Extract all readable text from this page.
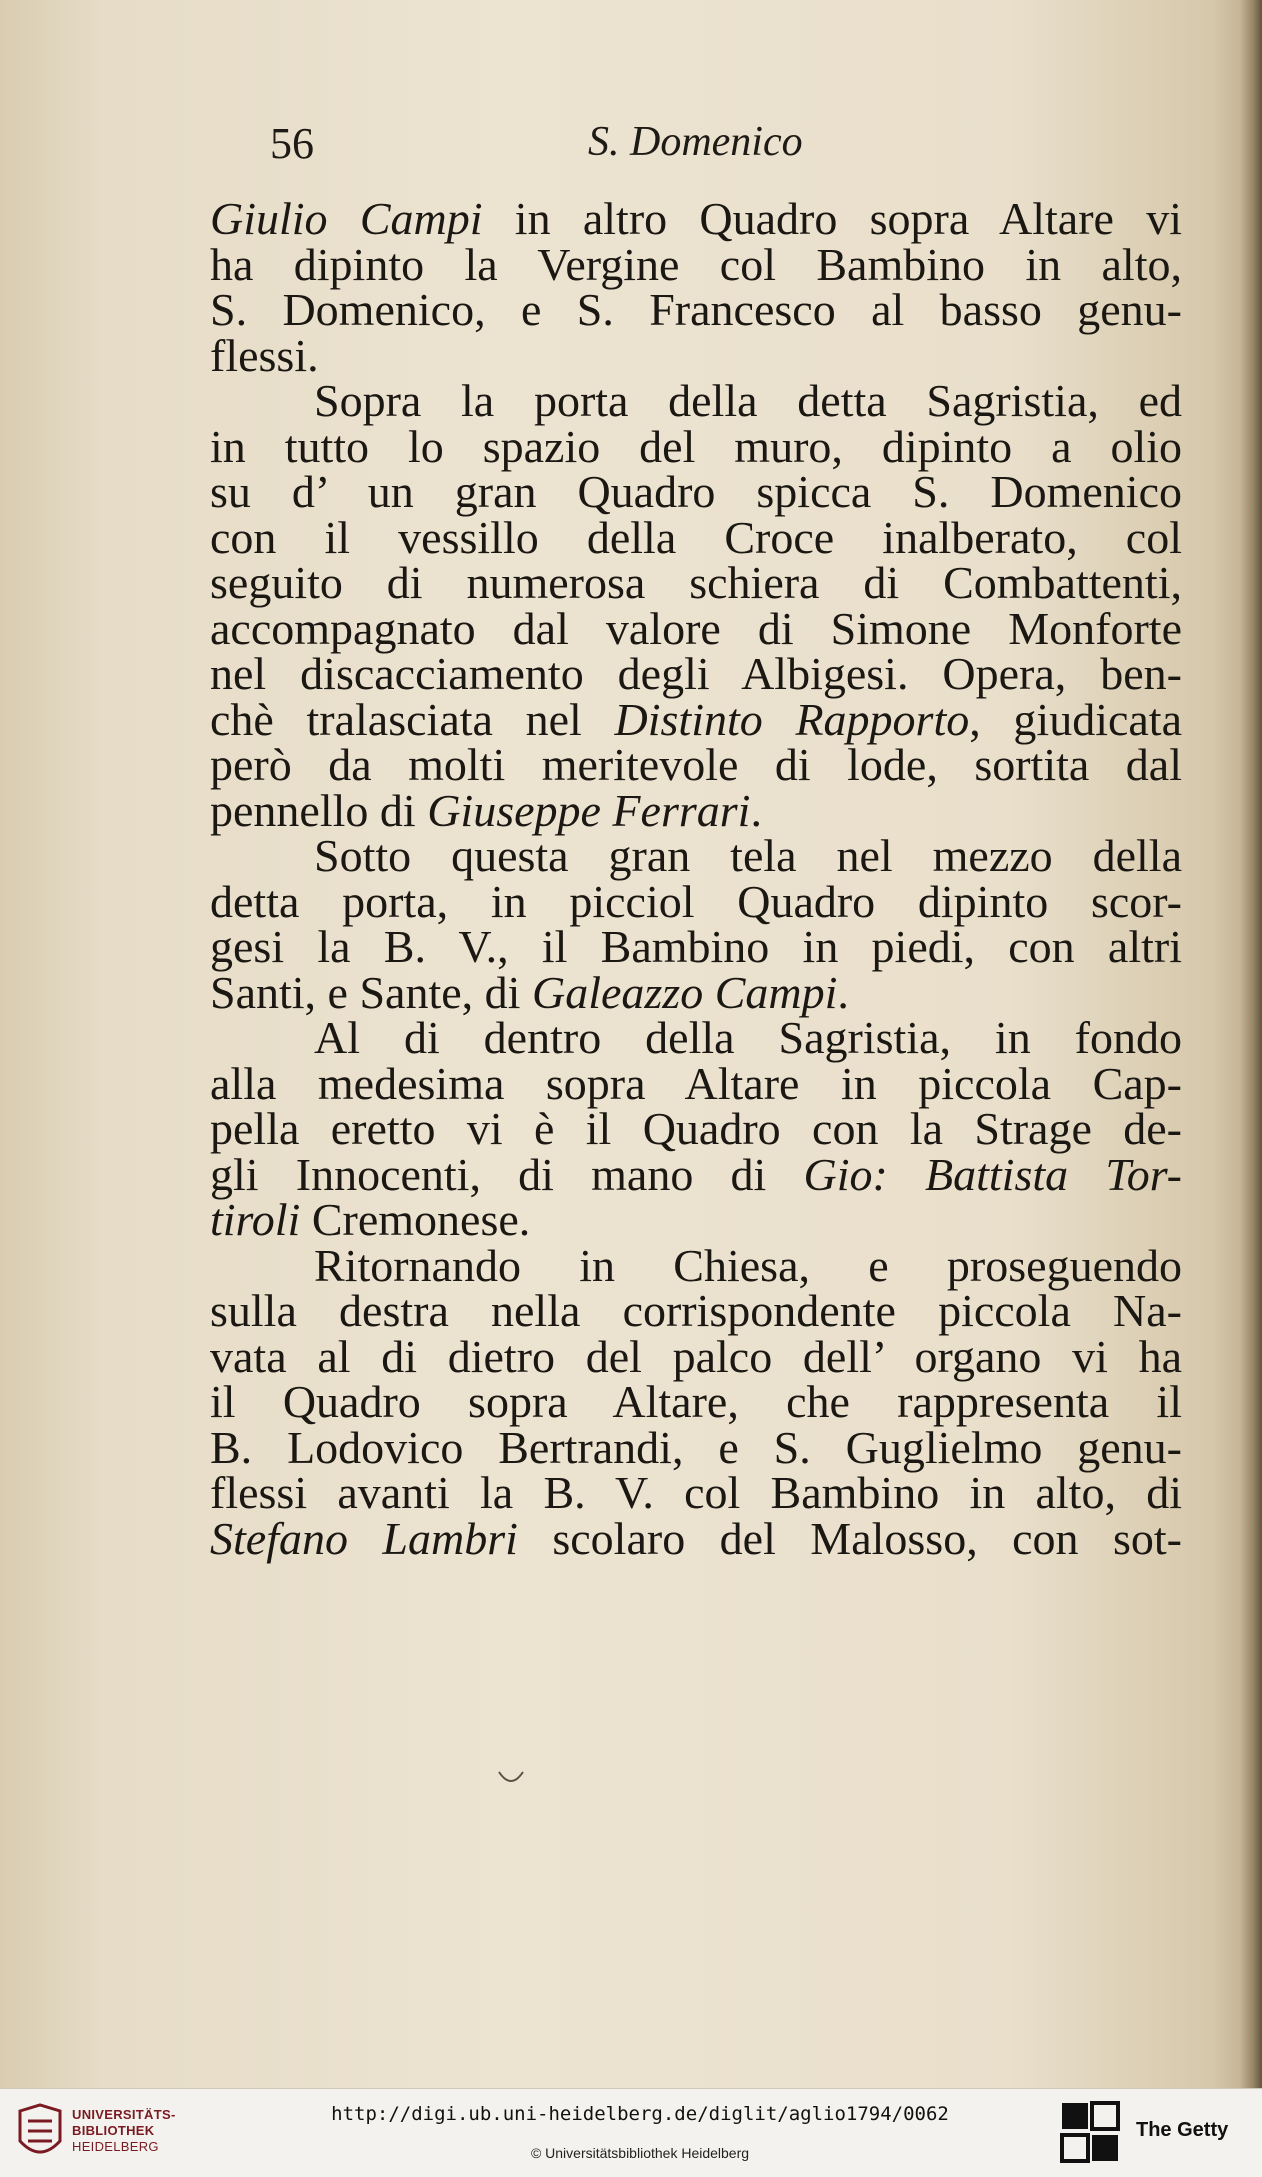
56	S. Domenico
Giulio Campi in altro Quadro sopra Altare vi
ha dipinto la Vergine col Bambino in alto,
S. Domenico, e S. Francesco al basso genu-
flessi.
Sopra la porta della detta Sagristia, ed
in tutto lo spazio del muro, dipinto a olio
su d’ un gran Quadro spicca S. Domenico
con il vessillo della Croce inalberato, col
seguito di numerosa schiera di Combattenti,
accompagnato dal valore di Simone Monforte
nel discacciamento degli Albigesi. Opera, ben-
chè tralasciata nel Distinto Rapporto, giudicata
però da molti meritevole di lode, sortita dal
pennello di Giuseppe Ferrari.
Sotto questa gran tela nel mezzo della
detta porta, in picciol Quadro dipinto scor-
gesi la B. V., il Bambino in piedi, con altri
Santi, e Sante, di Galeazzo Campi.
Al di dentro della Sagristia, in fondo
alla medesima sopra Altare in piccola Cap-
pella eretto vi è il Quadro con la Strage de-
gli Innocenti, di mano di Gio: Battista Tor-
tiroli Cremonese.
Ritornando in Chiesa, e proseguendo
sulla destra nella corrispondente piccola Na-
vata al di dietro del palco dell’ organo vi ha
il Quadro sopra Altare, che rappresenta il
B. Lodovico Bertrandi, e S. Guglielmo genu-
flessi avanti la B. V. col Bambino in alto, di
Stefano Lambri scolaro del Malosso, con sot-
UNIVERSITÄTS-
BIBLIOTHEK
HEIDELBERG
http://digi.ub.uni-heidelberg.de/diglit/aglio1794/0062
© Universitätsbibliothek Heidelberg
The Getty
